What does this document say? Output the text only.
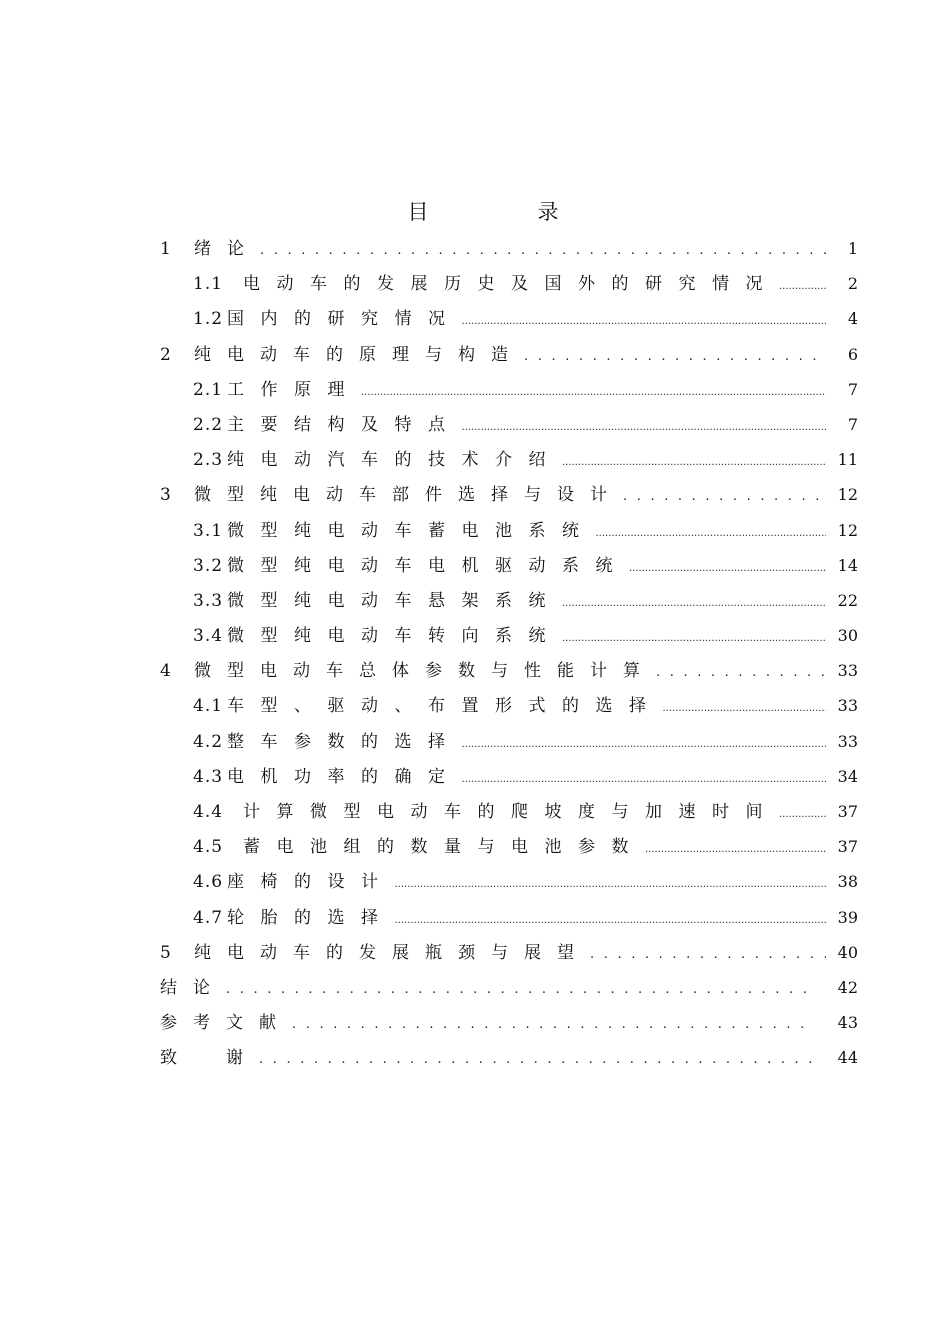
目　录
1	绪论 .....	1
1.1	电动车的发展历史及国外的研究情况 .....	2
1.2 国内的研究情况 .....	4
2	纯电动车的原理与构造 .....	6
2.1 工作原理 .....	7
2.2 主要结构及特点 .....	7
2.3 纯电动汽车的技术介绍 .....	11
3	微型纯电动车部件选择与设计 .....	12
3.1 微型纯电动车蓄电池系统 .....	12
3.2 微型纯电动车电机驱动系统 .....	14
3.3 微型纯电动车悬架系统 .....	22
3.4 微型纯电动车转向系统 .....	30
4	微型电动车总体参数与性能计算 .....	33
4.1 车型、驱动、布置形式的选择 .....	33
4.2 整车参数的选择 .....	33
4.3 电机功率的确定 .....	34
4.4	计算微型电动车的爬坡度与加速时间 .....	37
4.5	蓄电池组的数量与电池参数 .....	37
4.6 座椅的设计 .....	38
4.7 轮胎的选择 .....	39
5	纯电动车的发展瓶颈与展望 .....	40
结论 .....	42
参考文献 .....	43
致　谢 .....	44
